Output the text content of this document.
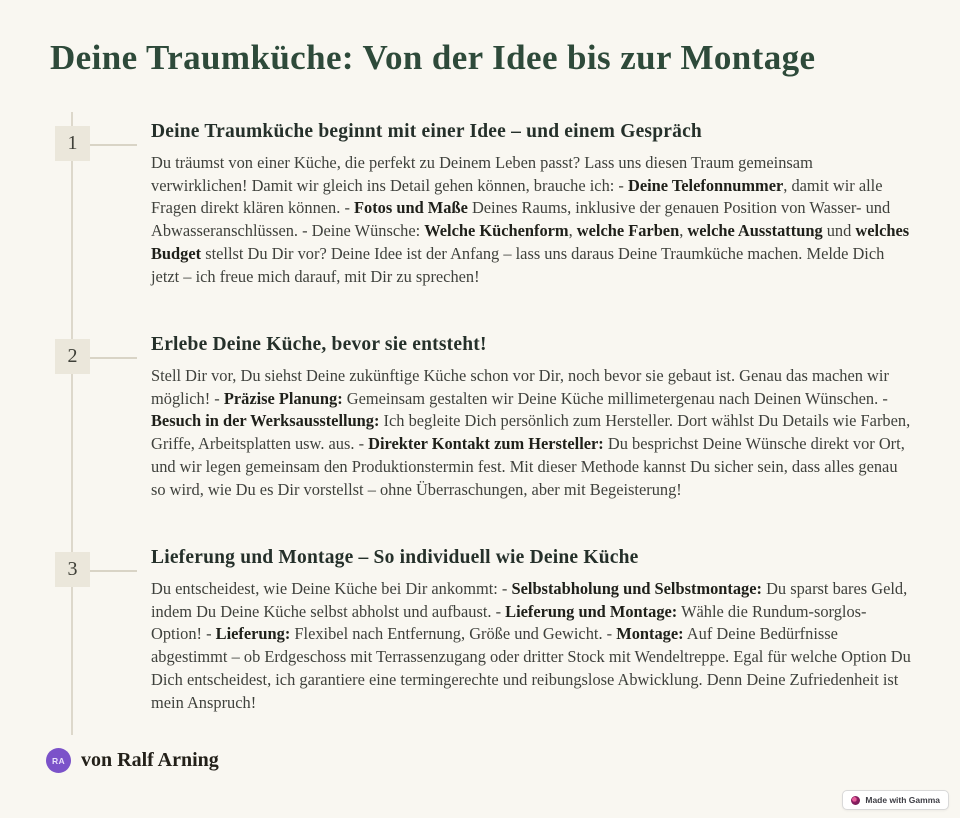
Deine Traumküche: Von der Idee bis zur Montage
1
Deine Traumküche beginnt mit einer Idee – und einem Gespräch

Du träumst von einer Küche, die perfekt zu Deinem Leben passt? Lass uns diesen Traum gemeinsam verwirklichen! Damit wir gleich ins Detail gehen können, brauche ich: - Deine Telefonnummer, damit wir alle Fragen direkt klären können. - Fotos und Maße Deines Raums, inklusive der genauen Position von Wasser- und Abwasseranschlüssen. - Deine Wünsche: Welche Küchenform, welche Farben, welche Ausstattung und welches Budget stellst Du Dir vor? Deine Idee ist der Anfang – lass uns daraus Deine Traumküche machen. Melde Dich jetzt – ich freue mich darauf, mit Dir zu sprechen!

2
Erlebe Deine Küche, bevor sie entsteht!

Stell Dir vor, Du siehst Deine zukünftige Küche schon vor Dir, noch bevor sie gebaut ist. Genau das machen wir möglich! - Präzise Planung: Gemeinsam gestalten wir Deine Küche millimetergenau nach Deinen Wünschen. - Besuch in der Werksausstellung: Ich begleite Dich persönlich zum Hersteller. Dort wählst Du Details wie Farben, Griffe, Arbeitsplatten usw. aus. - Direkter Kontakt zum Hersteller: Du besprichst Deine Wünsche direkt vor Ort, und wir legen gemeinsam den Produktionstermin fest. Mit dieser Methode kannst Du sicher sein, dass alles genau so wird, wie Du es Dir vorstellst – ohne Überraschungen, aber mit Begeisterung!

3
Lieferung und Montage – So individuell wie Deine Küche

Du entscheidest, wie Deine Küche bei Dir ankommt: - Selbstabholung und Selbstmontage: Du sparst bares Geld, indem Du Deine Küche selbst abholst und aufbaust. - Lieferung und Montage: Wähle die Rundum-sorglos-Option! - Lieferung: Flexibel nach Entfernung, Größe und Gewicht. - Montage: Auf Deine Bedürfnisse abgestimmt – ob Erdgeschoss mit Terrassenzugang oder dritter Stock mit Wendeltreppe. Egal für welche Option Du Dich entscheidest, ich garantiere eine termingerechte und reibungslose Abwicklung. Denn Deine Zufriedenheit ist mein Anspruch!

RA von Ralf Arning
Made with Gamma
